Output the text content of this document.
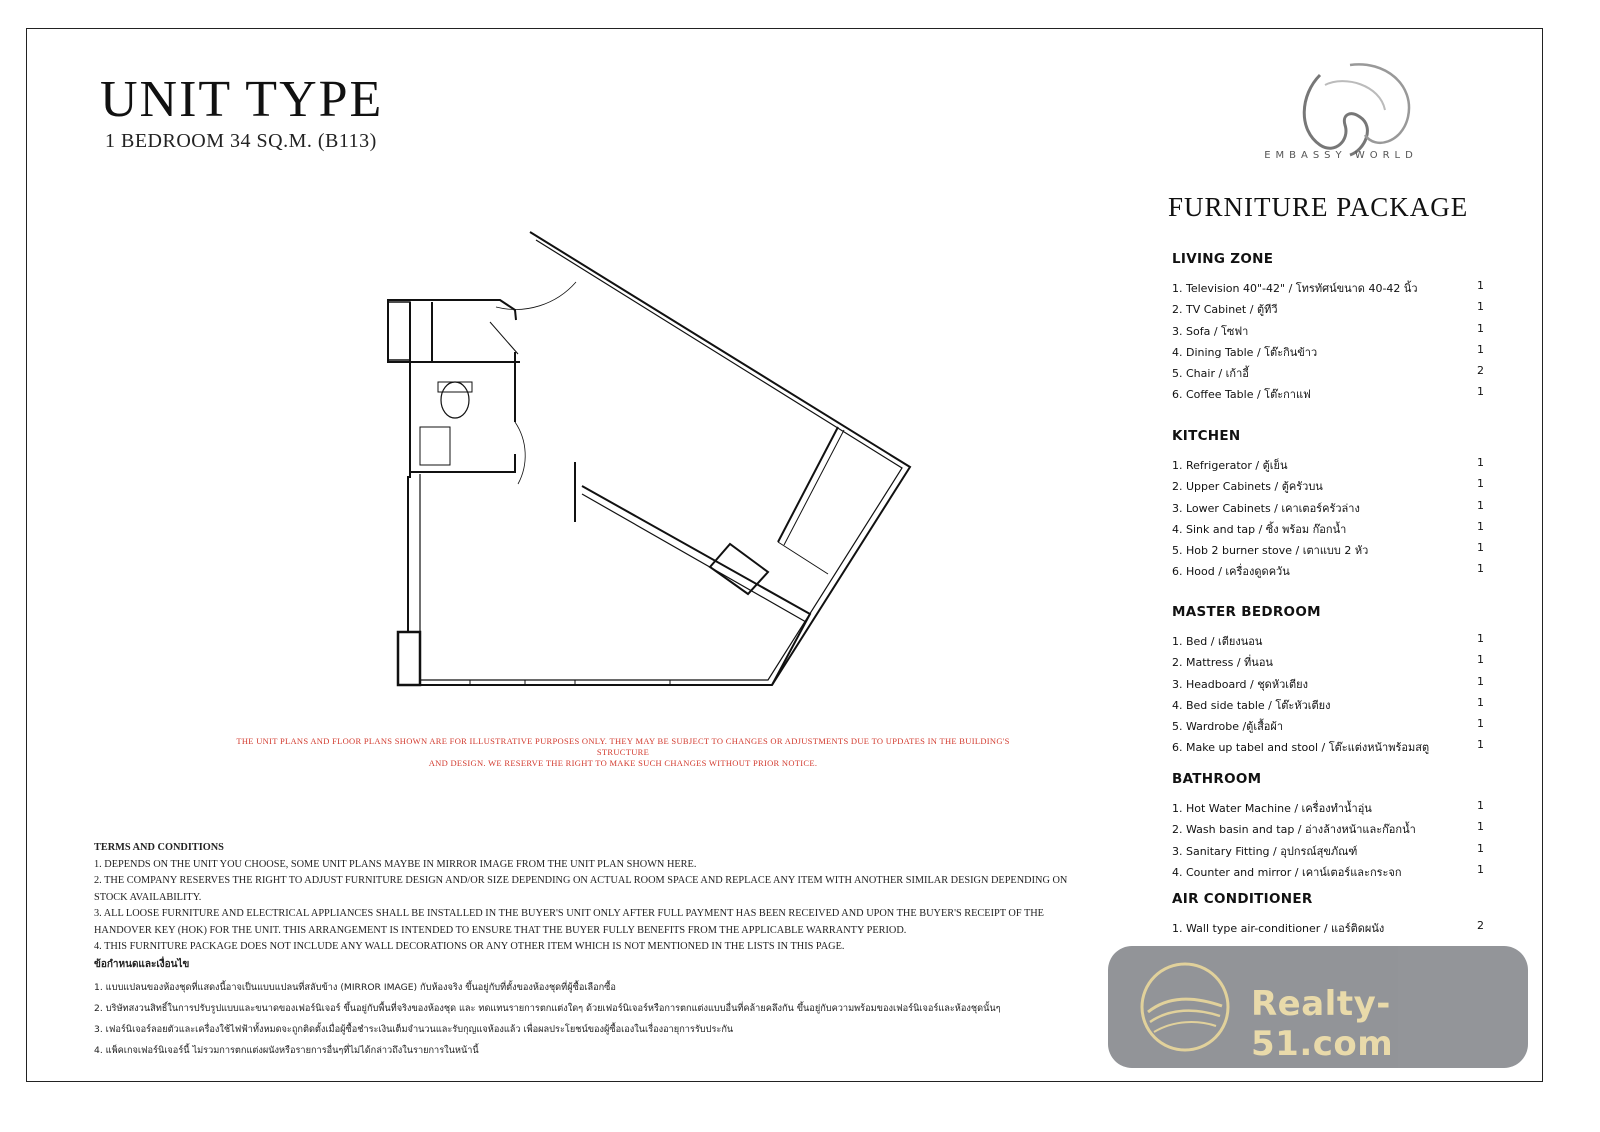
UNIT TYPE
1 BEDROOM 34 SQ.M. (B113)
EMBASSY WORLD
FURNITURE PACKAGE
LIVING ZONE
1. Television 40"-42" / โทรทัศน์ขนาด 40-42 นิ้ว	1
2. TV Cabinet / ตู้ทีวี	1
3. Sofa / โซฟา	1
4. Dining Table / โต๊ะกินข้าว	1
5. Chair / เก้าอี้	2
6. Coffee Table / โต๊ะกาแฟ	1
KITCHEN
1. Refrigerator / ตู้เย็น	1
2. Upper Cabinets / ตู้ครัวบน	1
3. Lower Cabinets / เคาเตอร์ครัวล่าง	1
4. Sink and tap / ซิ้ง พร้อม ก๊อกน้ำ	1
5. Hob 2 burner stove / เตาแบบ 2 หัว	1
6. Hood / เครื่องดูดควัน	1
MASTER BEDROOM
1. Bed / เตียงนอน	1
2. Mattress / ที่นอน	1
3. Headboard / ชุดหัวเตียง	1
4. Bed side table / โต๊ะหัวเตียง	1
5. Wardrobe /ตู้เสื้อผ้า	1
6. Make up tabel and stool / โต๊ะแต่งหน้าพร้อมสตู	1
BATHROOM
1. Hot Water Machine / เครื่องทำน้ำอุ่น	1
2. Wash basin and tap / อ่างล้างหน้าและก๊อกน้ำ	1
3. Sanitary Fitting / อุปกรณ์สุขภัณฑ์	1
4. Counter and mirror / เคาน์เตอร์และกระจก	1
AIR CONDITIONER
1. Wall type air-conditioner / แอร์ติดผนัง	2
THE UNIT PLANS AND FLOOR PLANS SHOWN ARE FOR ILLUSTRATIVE PURPOSES ONLY. THEY MAY BE SUBJECT TO CHANGES OR ADJUSTMENTS DUE TO UPDATES IN THE BUILDING'S STRUCTURE
AND DESIGN. WE RESERVE THE RIGHT TO MAKE SUCH CHANGES WITHOUT PRIOR NOTICE.
TERMS AND CONDITIONS
1. DEPENDS ON THE UNIT YOU CHOOSE, SOME UNIT PLANS MAYBE IN MIRROR IMAGE FROM THE UNIT PLAN SHOWN HERE.
2. THE COMPANY RESERVES THE RIGHT TO ADJUST FURNITURE DESIGN AND/OR SIZE DEPENDING ON ACTUAL ROOM SPACE AND REPLACE ANY ITEM WITH ANOTHER SIMILAR DESIGN DEPENDING ON STOCK AVAILABILITY.
3. ALL LOOSE FURNITURE AND ELECTRICAL APPLIANCES SHALL BE INSTALLED IN THE BUYER'S UNIT ONLY AFTER FULL PAYMENT HAS BEEN RECEIVED AND UPON THE BUYER'S RECEIPT OF THE HANDOVER KEY (HOK) FOR THE UNIT. THIS ARRANGEMENT IS INTENDED TO ENSURE THAT THE BUYER FULLY BENEFITS FROM THE APPLICABLE WARRANTY PERIOD.
4. THIS FURNITURE PACKAGE DOES NOT INCLUDE ANY WALL DECORATIONS OR ANY OTHER ITEM WHICH IS NOT MENTIONED IN THE LISTS IN THIS PAGE.
ข้อกำหนดและเงื่อนไข
1. แบบแปลนของห้องชุดที่แสดงนี้อาจเป็นแบบแปลนที่สลับข้าง (MIRROR IMAGE) กับห้องจริง ขึ้นอยู่กับที่ตั้งของห้องชุดที่ผู้ซื้อเลือกซื้อ
2. บริษัทสงวนสิทธิ์ในการปรับรูปแบบและขนาดของเฟอร์นิเจอร์ ขึ้นอยู่กับพื้นที่จริงของห้องชุด และ ทดแทนรายการตกแต่งใดๆ ด้วยเฟอร์นิเจอร์หรือการตกแต่งแบบอื่นที่คล้ายคลึงกัน ขึ้นอยู่กับความพร้อมของเฟอร์นิเจอร์และห้องชุดนั้นๆ
3. เฟอร์นิเจอร์ลอยตัวและเครื่องใช้ไฟฟ้าทั้งหมดจะถูกติดตั้งเมื่อผู้ซื้อชำระเงินเต็มจำนวนและรับกุญแจห้องแล้ว เพื่อผลประโยชน์ของผู้ซื้อเองในเรื่องอายุการรับประกัน
4. แพ็คเกจเฟอร์นิเจอร์นี้ ไม่รวมการตกแต่งผนังหรือรายการอื่นๆที่ไม่ได้กล่าวถึงในรายการในหน้านี้
Realty-51.com
